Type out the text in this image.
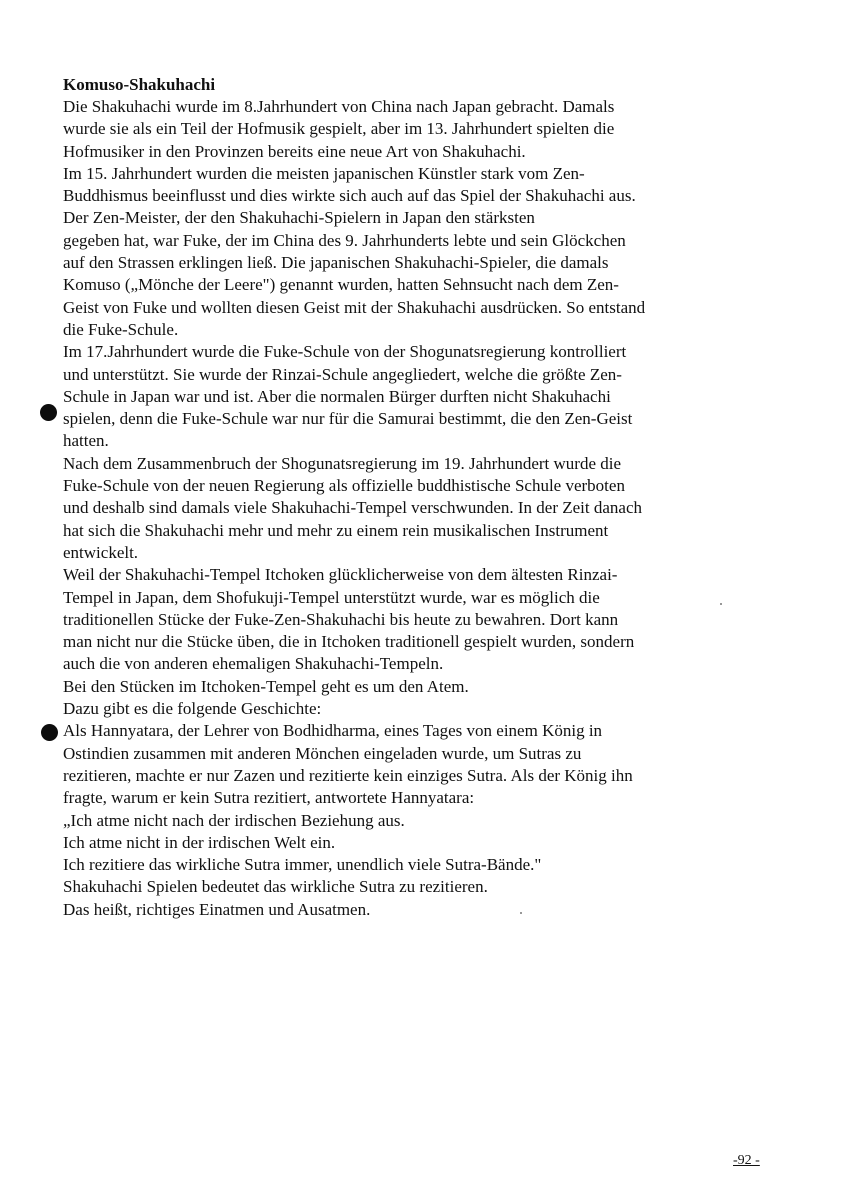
Komuso-Shakuhachi
Die Shakuhachi wurde im 8.Jahrhundert von China nach Japan gebracht. Damals
wurde sie als ein Teil der Hofmusik gespielt, aber im 13. Jahrhundert spielten die
Hofmusiker in den Provinzen bereits eine neue Art von Shakuhachi.
Im 15. Jahrhundert wurden die meisten japanischen Künstler stark vom Zen-
Buddhismus beeinflusst und dies wirkte sich auch auf das Spiel der Shakuhachi aus.
Der Zen-Meister, der den Shakuhachi-Spielern in Japan den stärksten
gegeben hat, war Fuke, der im China des 9. Jahrhunderts lebte und sein Glöckchen
auf den Strassen erklingen ließ. Die japanischen Shakuhachi-Spieler, die damals
Komuso („Mönche der Leere") genannt wurden, hatten Sehnsucht nach dem Zen-
Geist von Fuke und wollten diesen Geist mit der Shakuhachi ausdrücken. So entstand
die Fuke-Schule.
Im 17.Jahrhundert wurde die Fuke-Schule von der Shogunatsregierung kontrolliert
und unterstützt. Sie wurde der Rinzai-Schule angegliedert, welche die größte Zen-
Schule in Japan war und ist. Aber die normalen Bürger durften nicht Shakuhachi
spielen, denn die Fuke-Schule war nur für die Samurai bestimmt, die den Zen-Geist
hatten.
Nach dem Zusammenbruch der Shogunatsregierung im 19. Jahrhundert wurde die
Fuke-Schule von der neuen Regierung als offizielle buddhistische Schule verboten
und deshalb sind damals viele Shakuhachi-Tempel verschwunden. In der Zeit danach
hat sich die Shakuhachi mehr und mehr zu einem rein musikalischen Instrument
entwickelt.
Weil der Shakuhachi-Tempel Itchoken glücklicherweise von dem ältesten Rinzai-
Tempel in Japan, dem Shofukuji-Tempel unterstützt wurde, war es möglich die
traditionellen Stücke der Fuke-Zen-Shakuhachi bis heute zu bewahren. Dort kann
man nicht nur die Stücke üben, die in Itchoken traditionell gespielt wurden, sondern
auch die von anderen ehemaligen Shakuhachi-Tempeln.
Bei den Stücken im Itchoken-Tempel geht es um den Atem.
Dazu gibt es die folgende Geschichte:
Als Hannyatara, der Lehrer von Bodhidharma, eines Tages von einem König in
Ostindien zusammen mit anderen Mönchen eingeladen wurde, um Sutras zu
rezitieren, machte er nur Zazen und rezitierte kein einziges Sutra. Als der König ihn
fragte, warum er kein Sutra rezitiert, antwortete Hannyatara:
„Ich atme nicht nach der irdischen Beziehung aus.
Ich atme nicht in der irdischen Welt ein.
Ich rezitiere das wirkliche Sutra immer, unendlich viele Sutra-Bände."
Shakuhachi Spielen bedeutet das wirkliche Sutra zu rezitieren.
Das heißt, richtiges Einatmen und Ausatmen.
-92 -
